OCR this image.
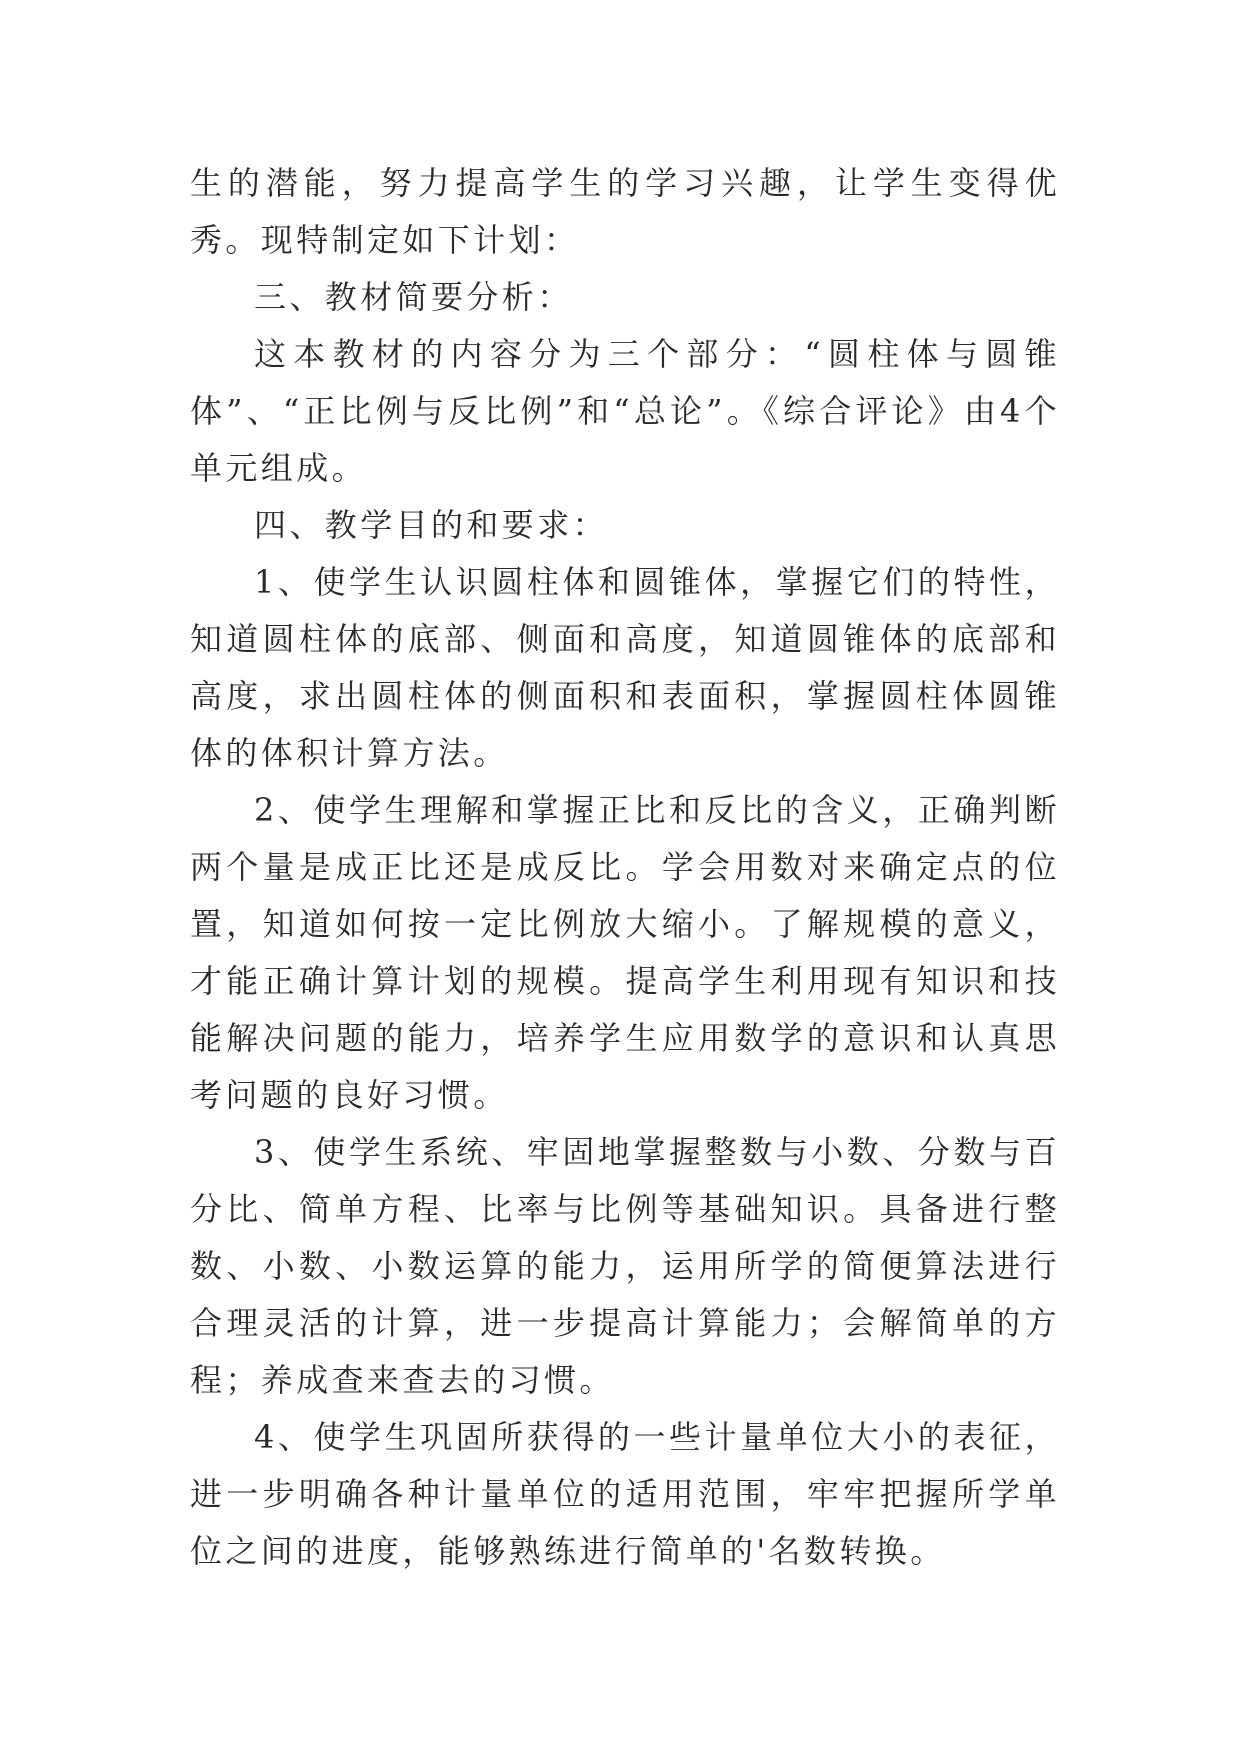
生的潜能，努力提高学生的学习兴趣，让学生变得优秀。现特制定如下计划：

三、教材简要分析：

这本教材的内容分为三个部分：“圆柱体与圆锥体”、“正比例与反比例”和“总论”。《综合评论》由4个单元组成。

四、教学目的和要求：

1、使学生认识圆柱体和圆锥体，掌握它们的特性，知道圆柱体的底部、侧面和高度，知道圆锥体的底部和高度，求出圆柱体的侧面积和表面积，掌握圆柱体圆锥体的体积计算方法。

2、使学生理解和掌握正比和反比的含义，正确判断两个量是成正比还是成反比。学会用数对来确定点的位置，知道如何按一定比例放大缩小。了解规模的意义，才能正确计算计划的规模。提高学生利用现有知识和技能解决问题的能力，培养学生应用数学的意识和认真思考问题的良好习惯。

3、使学生系统、牢固地掌握整数与小数、分数与百分比、简单方程、比率与比例等基础知识。具备进行整数、小数、小数运算的能力，运用所学的简便算法进行合理灵活的计算，进一步提高计算能力；会解简单的方程；养成查来查去的习惯。

4、使学生巩固所获得的一些计量单位大小的表征，进一步明确各种计量单位的适用范围，牢牢把握所学单位之间的进度，能够熟练进行简单的'名数转换。
